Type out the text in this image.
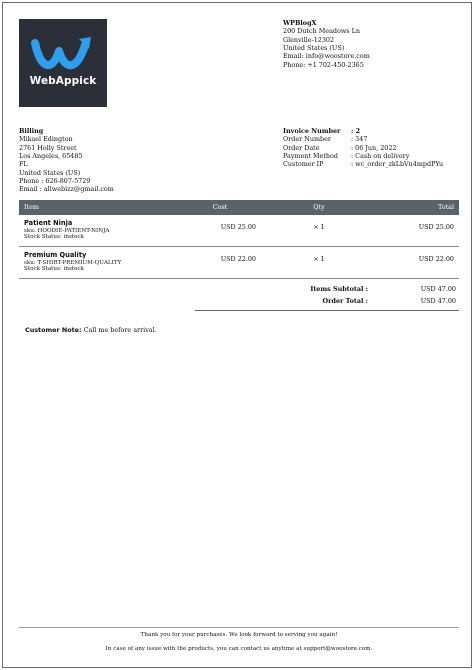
WebAppick
WPBlogX
200 Dutch Meadows Ln
Glenville-12302
United States (US)
Email: info@woostore.com
Phone: +1 702-450-2365
Billing
Mikael Edington
2761 Holly Street
Los Angeles, 65485
FL
United States (US)
Phone : 626-807-5729
Email : allwebizz@gmail.com
Invoice Number	: 2
Order Number	: 347
Order Date	: 06 Jun, 2022
Payment Method	: Cash on delivery
Customer IP	: wc_order_zkLbVn4mpdPYu
Item	Cost	Qty	Total

Patient Ninja
sku: HOODIE-PATIENT-NINJA
Stock Status: instock	USD 25.00	× 1	USD 25.00

Premium Quality
sku: T-SHIRT-PREMIUM-QUALITY
Stock Status: instock	USD 22.00	× 1	USD 22.00
Items Subtotal :	USD 47.00
Order Total :	USD 47.00
Customer Note: Call me before arrival.
Thank you for your purchases. We look forward to serving you again!
In case of any issue with the products, you can contact us anytime at support@woostore.com.
